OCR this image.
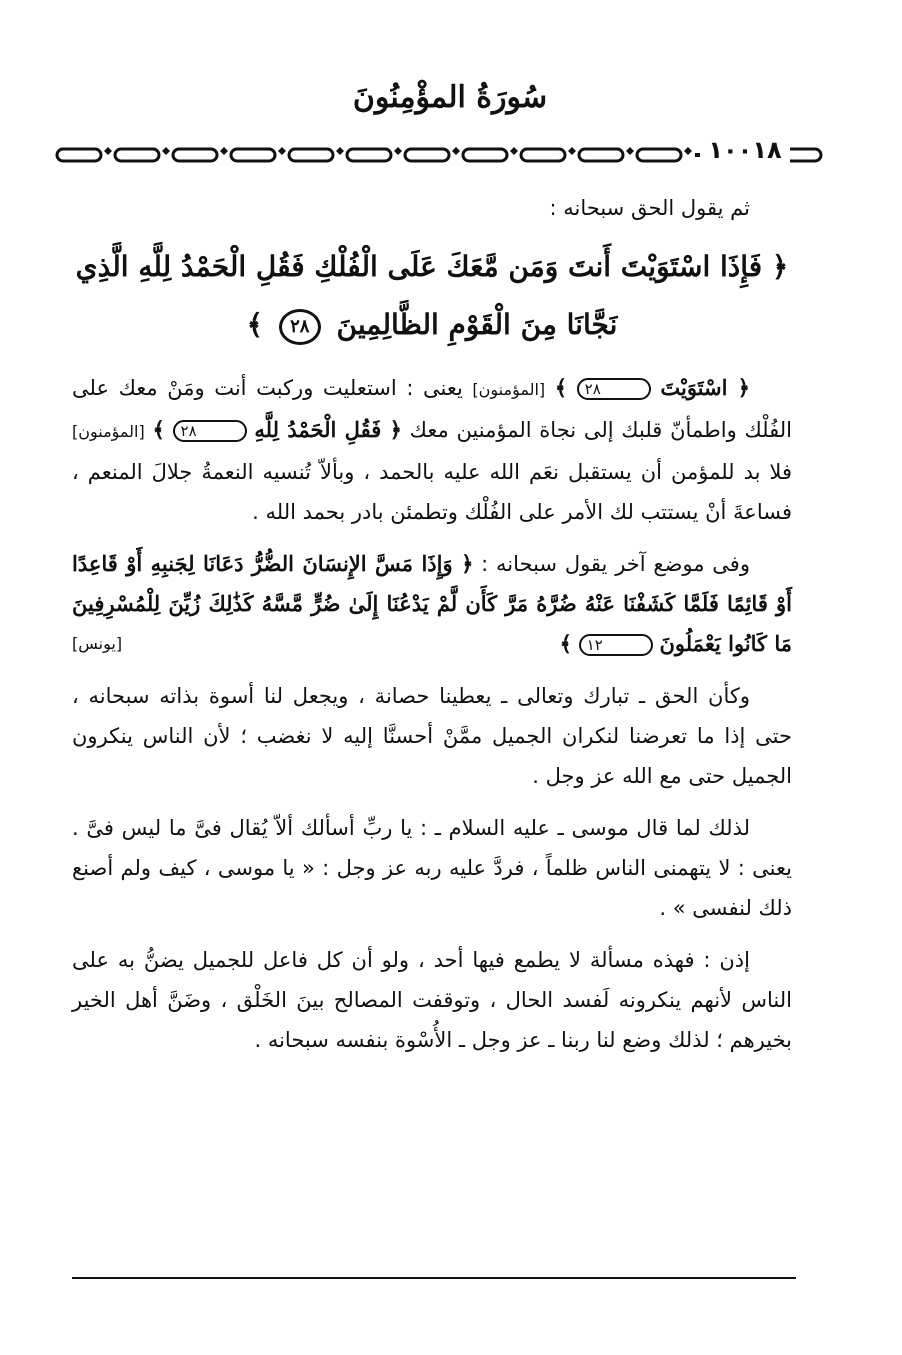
سُورَةُ المؤْمِنُونَ
١٠٠١٨

ثم يقول الحق سبحانه :

﴿ فَإِذَا اسْتَوَيْتَ أَنتَ وَمَن مَّعَكَ عَلَى الْفُلْكِ فَقُلِ الْحَمْدُ لِلَّهِ الَّذِي
نَجَّانَا مِنَ الْقَوْمِ الظَّالِمِينَ ٢٨ ﴾

﴿ اسْتَوَيْتَ ٢٨ ﴾ [المؤمنون] يعنى : استعليت وركبت أنت ومَنْ معك على الفُلْك واطمأنّ قلبك إلى نجاة المؤمنين معك ﴿ فَقُلِ الْحَمْدُ لِلَّهِ ٢٨ ﴾ [المؤمنون] فلا بد للمؤمن أن يستقبل نعَم الله عليه بالحمد ، وبألاّ تُنسيه النعمةُ جلالَ المنعم ، فساعةَ أنْ يستتب لك الأمر على الفُلْك وتطمئن بادر بحمد الله .

وفى موضع آخر يقول سبحانه : ﴿ وَإِذَا مَسَّ الإِنسَانَ الضُّرُّ دَعَانَا لِجَنبِهِ أَوْ قَاعِدًا أَوْ قَائِمًا فَلَمَّا كَشَفْنَا عَنْهُ ضُرَّهُ مَرَّ كَأَن لَّمْ يَدْعُنَا إِلَىٰ ضُرٍّ مَّسَّهُ كَذَٰلِكَ زُيِّنَ لِلْمُسْرِفِينَ مَا كَانُوا يَعْمَلُونَ ١٢ ﴾
[يونس]

وكأن الحق ـ تبارك وتعالى ـ يعطينا حصانة ، ويجعل لنا أسوة بذاته سبحانه ، حتى إذا ما تعرضنا لنكران الجميل ممَّنْ أحسنَّا إليه لا نغضب ؛ لأن الناس ينكرون الجميل حتى مع الله عز وجل .

لذلك لما قال موسى ـ عليه السلام ـ : يا ربِّ أسألك ألاّ يُقال فىَّ ما ليس فىَّ . يعنى : لا يتهمنى الناس ظلماً ، فردَّ عليه ربه عز وجل : « يا موسى ، كيف ولم أصنع ذلك لنفسى » .

إذن : فهذه مسألة لا يطمع فيها أحد ، ولو أن كل فاعل للجميل يضنُّ به على الناس لأنهم ينكرونه لَفسد الحال ، وتوقفت المصالح بينَ الخَلْق ، وضَنَّ أهل الخير بخيرهم ؛ لذلك وضع لنا ربنا ـ عز وجل ـ الأُسْوة بنفسه سبحانه .
